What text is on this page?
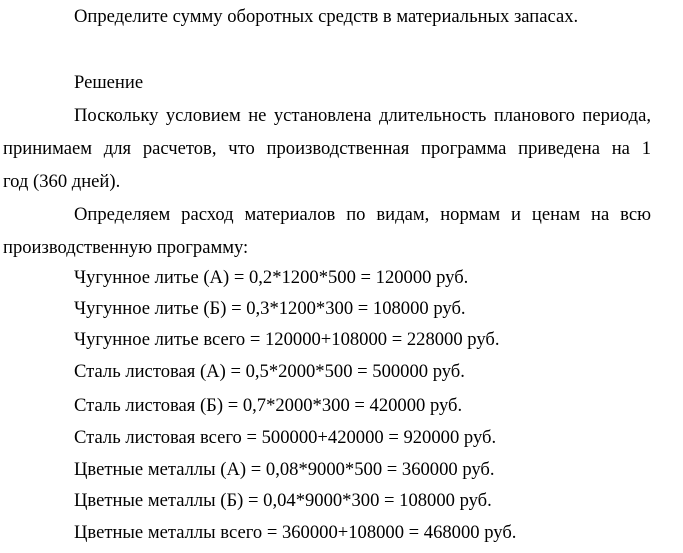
Определите сумму оборотных средств в материальных запасах.
Решение
Поскольку условием не установлена длительность планового периода,
принимаем для расчетов, что производственная программа приведена на 1
год (360 дней).
Определяем расход материалов по видам, нормам и ценам на всю
производственную программу:
Чугунное литье (А) = 0,2*1200*500 = 120000 руб.
Чугунное литье (Б) = 0,3*1200*300 = 108000 руб.
Чугунное литье всего = 120000+108000 = 228000 руб.
Сталь листовая (А) = 0,5*2000*500 = 500000 руб.
Сталь листовая (Б) = 0,7*2000*300 = 420000 руб.
Сталь листовая всего = 500000+420000 = 920000 руб.
Цветные металлы (А) = 0,08*9000*500 = 360000 руб.
Цветные металлы (Б) = 0,04*9000*300 = 108000 руб.
Цветные металлы всего = 360000+108000 = 468000 руб.
